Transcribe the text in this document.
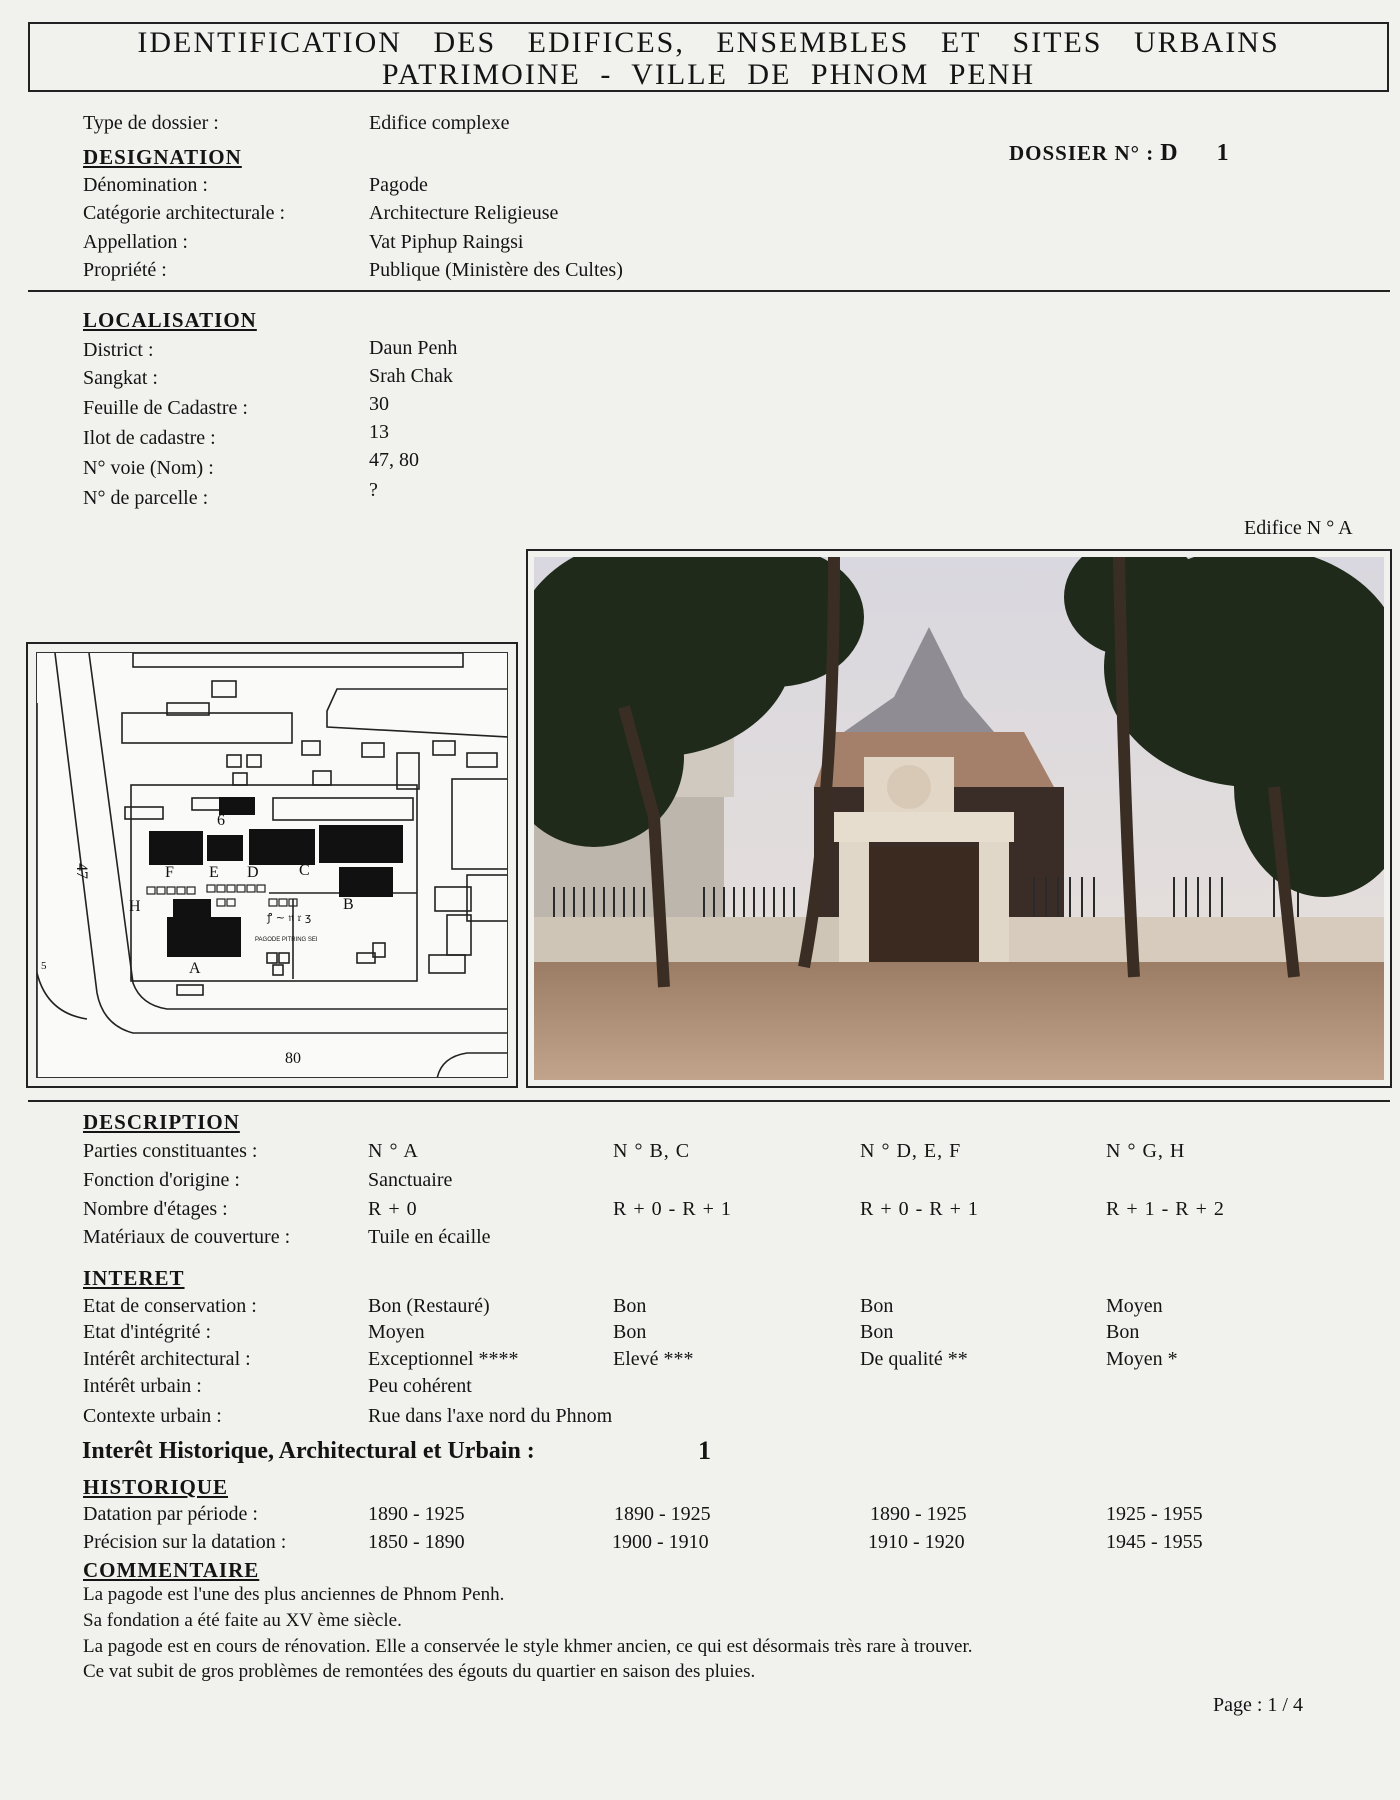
IDENTIFICATION DES EDIFICES, ENSEMBLES ET SITES URBAINS
PATRIMOINE - VILLE DE PHNOM PENH
Type de dossier :	Edifice complexe
DESIGNATION	DOSSIER N° : D 1
Dénomination :	Pagode
Catégorie architecturale :	Architecture Religieuse
Appellation :	Vat Piphup Raingsi
Propriété :	Publique (Ministère des Cultes)
LOCALISATION
District :	Daun Penh
Sangkat :	Srah Chak
Feuille de Cadastre :	30
Ilot de cadastre :	13
N° voie (Nom) :	47, 80
N° de parcelle :	?
Edifice N ° A
47
80
5
6
F E D	C
B
H
A
PAGODE PITRING SEI
ꝭ ~ 𝔫 𝔯 ʒ
DESCRIPTION
Parties constituantes :	N ° A	N ° B, C	N ° D, E, F	N ° G, H
Fonction d'origine :	Sanctuaire
Nombre d'étages :	R + 0	R + 0 - R + 1	R + 0 - R + 1	R + 1 - R + 2
Matériaux de couverture :	Tuile en écaille
INTERET
Etat de conservation :	Bon (Restauré)	Bon	Bon	Moyen
Etat d'intégrité :	Moyen	Bon	Bon	Bon
Intérêt architectural :	Exceptionnel ****	Elevé ***	De qualité **	Moyen *
Intérêt urbain :	Peu cohérent
Contexte urbain :	Rue dans l'axe nord du Phnom
Interêt Historique, Architectural et Urbain :	1
HISTORIQUE
Datation par période :	1890 - 1925	1890 - 1925	1890 - 1925	1925 - 1955
Précision sur la datation :	1850 - 1890	1900 - 1910	1910 - 1920	1945 - 1955
COMMENTAIRE
La pagode est l'une des plus anciennes de Phnom Penh.
Sa fondation a été faite au XV ème siècle.
La pagode est en cours de rénovation. Elle a conservée le style khmer ancien, ce qui est désormais très rare à trouver.
Ce vat subit de gros problèmes de remontées des égouts du quartier en saison des pluies.
Page : 1 / 4
